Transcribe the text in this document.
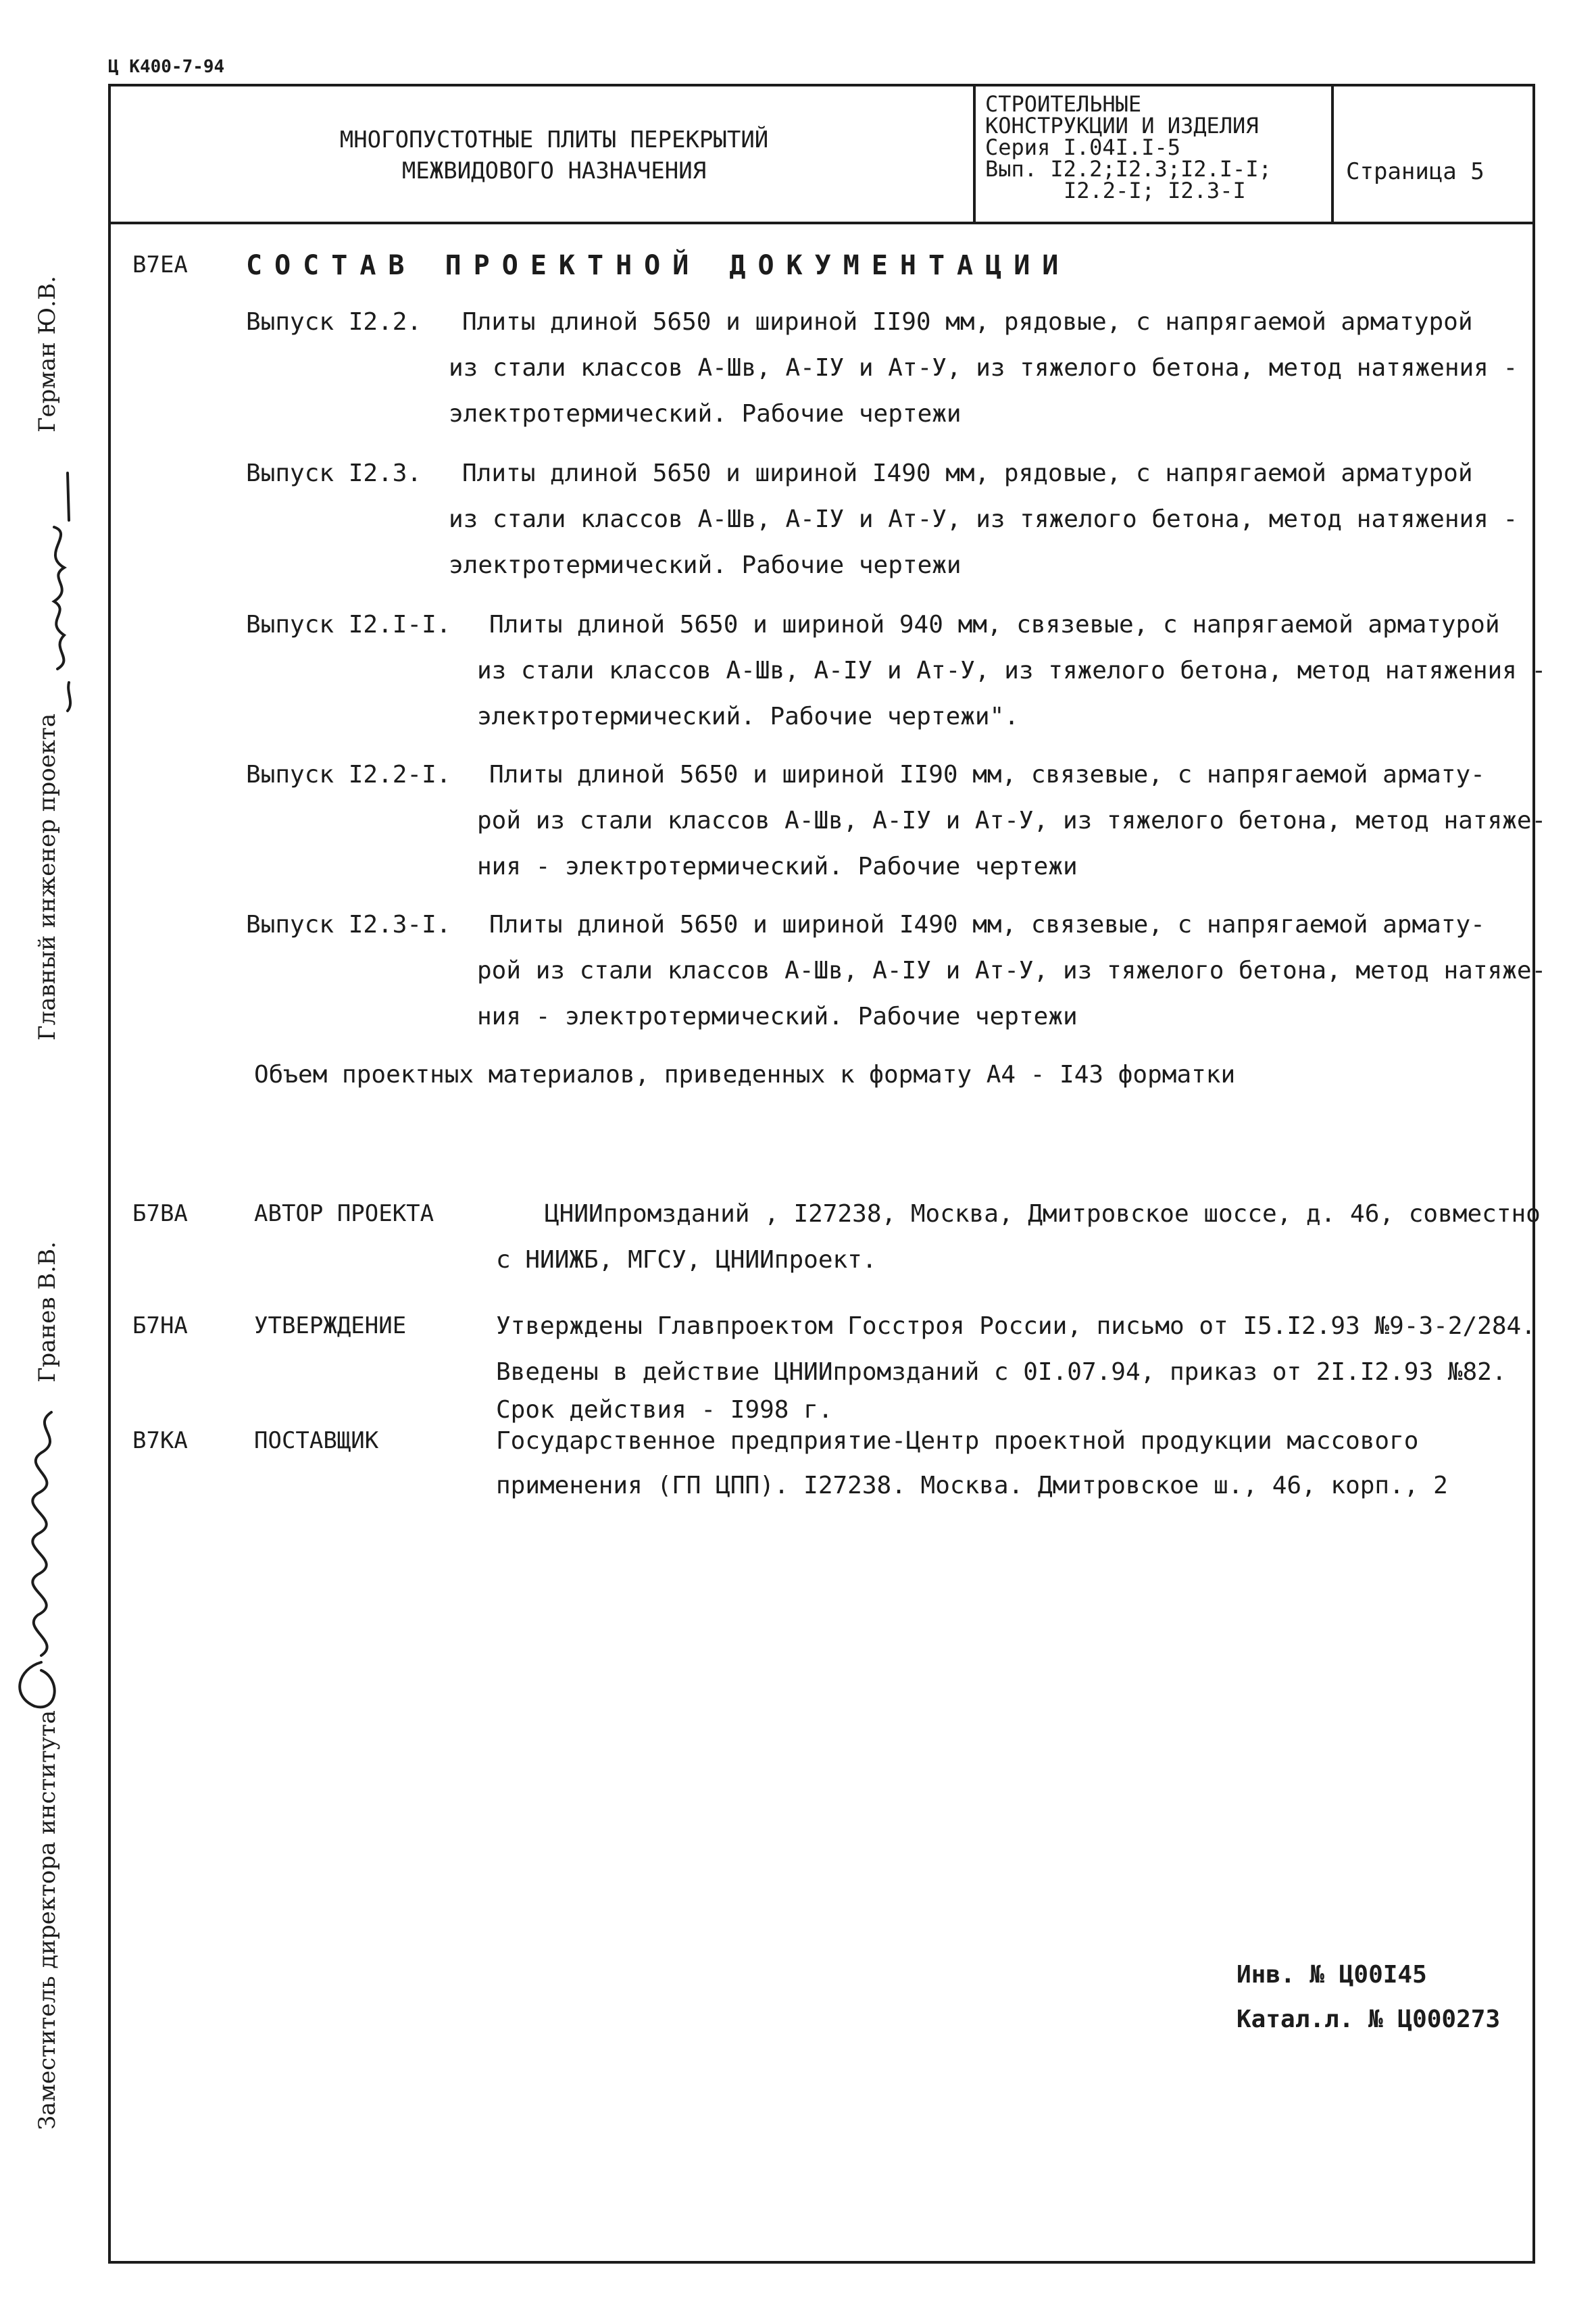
Ц К400-7-94
МНОГОПУСТОТНЫЕ ПЛИТЫ ПЕРЕКРЫТИЙ
МЕЖВИДОВОГО НАЗНАЧЕНИЯ
СТРОИТЕЛЬНЫЕ
КОНСТРУКЦИИ И ИЗДЕЛИЯ
Серия I.04I.I-5
Вып. I2.2;I2.3;I2.I-I;
I2.2-I; I2.3-I
Страница 5
В7ЕА СОСТАВ ПРОЕКТНОЙ ДОКУМЕНТАЦИИ
Выпуск I2.2. Плиты длиной 5650 и шириной II90 мм, рядовые, с напрягаемой арматурой
из стали классов А-Шв, А-IУ и Ат-У, из тяжелого бетона, метод натяжения -
электротермический. Рабочие чертежи
Выпуск I2.3. Плиты длиной 5650 и шириной I490 мм, рядовые, с напрягаемой арматурой
из стали классов А-Шв, А-IУ и Ат-У, из тяжелого бетона, метод натяжения -
электротермический. Рабочие чертежи
Выпуск I2.I-I. Плиты длиной 5650 и шириной 940 мм, связевые, с напрягаемой арматурой
из стали классов А-Шв, А-IУ и Ат-У, из тяжелого бетона, метод натяжения -
электротермический. Рабочие чертежи".
Выпуск I2.2-I. Плиты длиной 5650 и шириной II90 мм, связевые, с напрягаемой армату-
рой из стали классов А-Шв, А-IУ и Ат-У, из тяжелого бетона, метод натяже-
ния - электротермический. Рабочие чертежи
Выпуск I2.3-I. Плиты длиной 5650 и шириной I490 мм, связевые, с напрягаемой армату-
рой из стали классов А-Шв, А-IУ и Ат-У, из тяжелого бетона, метод натяже-
ния - электротермический. Рабочие чертежи
Объем проектных материалов, приведенных к формату А4 - I43 форматки
Б7ВА	АВТОР ПРОЕКТА	ЦНИИпромзданий , I27238, Москва, Дмитровское шоссе, д. 46, совместно
с НИИЖБ, МГСУ, ЦНИИпроект.
Б7НА	УТВЕРЖДЕНИЕ	Утверждены Главпроектом Госстроя России, письмо от I5.I2.93 №9-3-2/284.
Введены в действие ЦНИИпромзданий с 0I.07.94, приказ от 2I.I2.93 №82.
Срок действия - I998 г.
В7КА	ПОСТАВЩИК	Государственное предприятие-Центр проектной продукции массового
применения (ГП ЦПП). I27238. Москва. Дмитровское ш., 46, корп., 2
Инв. № Ц00I45
Катал.л. № Ц000273
Герман Ю.В.
Главный инженер проекта
Гранев В.В.
Заместитель директора института
